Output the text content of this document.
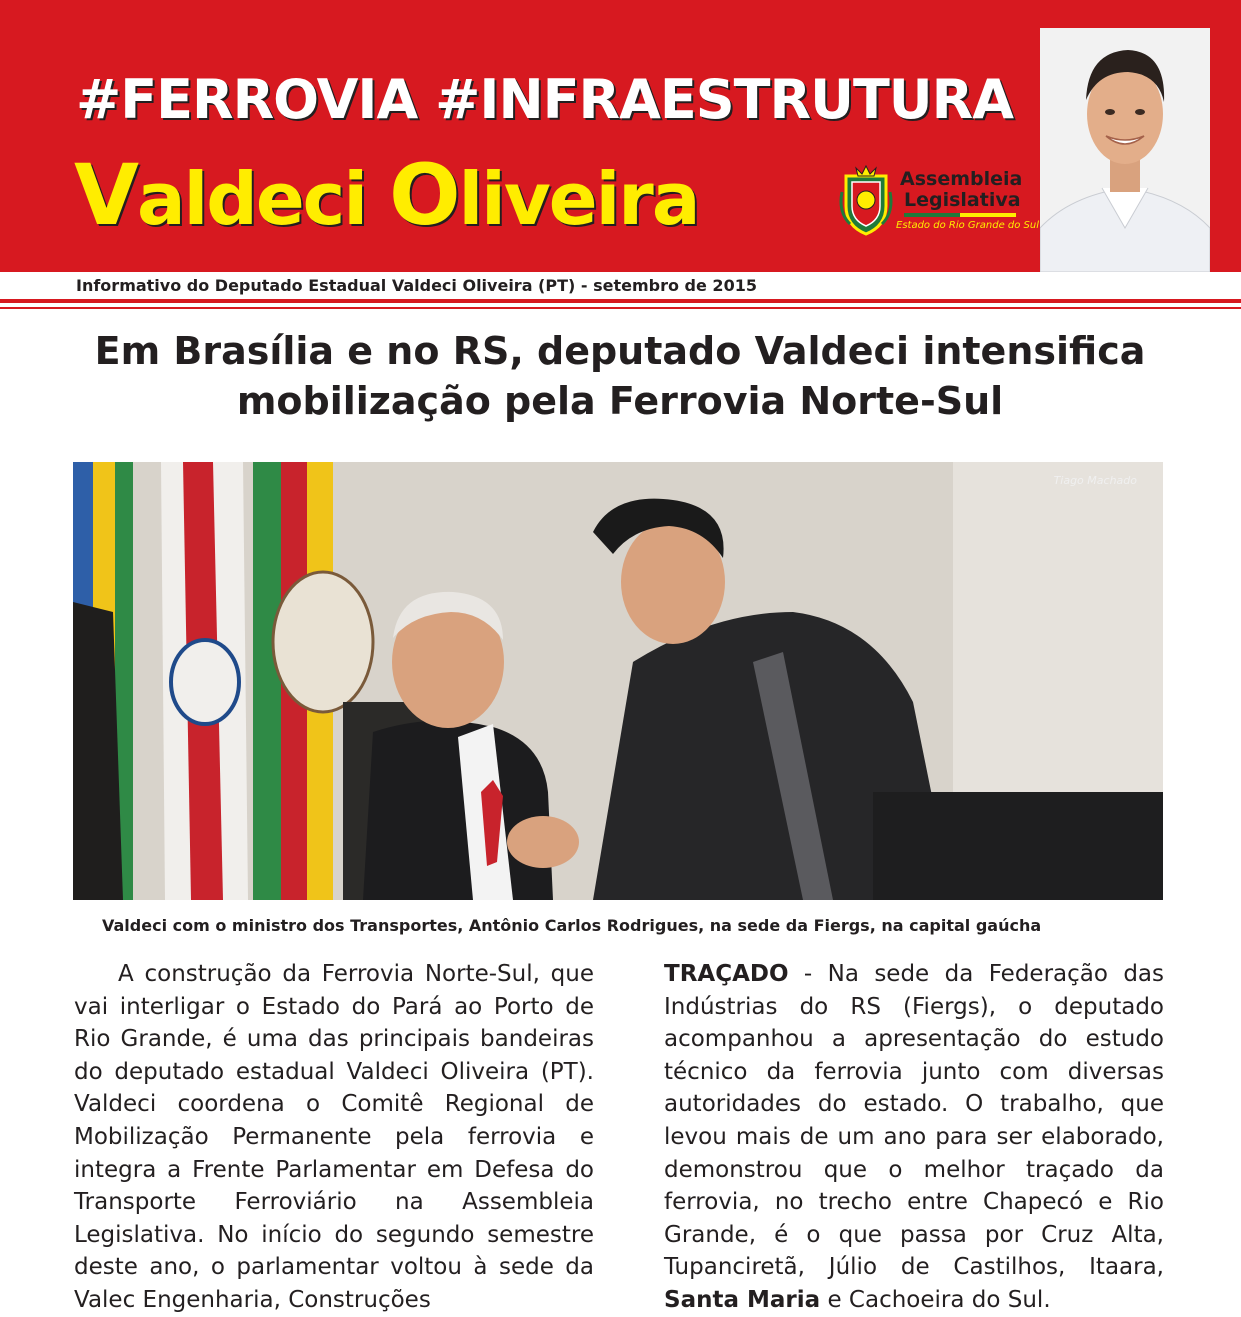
#FERROVIA #INFRAESTRUTURA
Valdeci Oliveira	Assembleia
Legislativa
Estado do Rio Grande do Sul
Informativo do Deputado Estadual Valdeci Oliveira (PT) - setembro de 2015
Em Brasília e no RS, deputado Valdeci intensifica
mobilização pela Ferrovia Norte-Sul
Tiago Machado
Valdeci com o ministro dos Transportes, Antônio Carlos Rodrigues, na sede da Fiergs, na capital gaúcha

A construção da Ferrovia Norte-Sul, que vai interligar o Estado do Pará ao Porto de Rio Grande, é uma das principais bandeiras do deputado estadual Valdeci Oliveira (PT). Valdeci coordena o Comitê Regional de Mobilização Permanente pela ferrovia e integra a Frente Parlamentar em Defesa do Transporte Ferroviário na Assembleia Legislativa. No início do segundo semestre deste ano, o parlamentar voltou à sede da Valec Engenharia, Construções

TRAÇADO - Na sede da Federação das Indústrias do RS (Fiergs), o deputado acompanhou a apresentação do estudo técnico da ferrovia junto com diversas autoridades do estado. O trabalho, que levou mais de um ano para ser elaborado, demonstrou que o melhor traçado da ferrovia, no trecho entre Chapecó e Rio Grande, é o que passa por Cruz Alta, Tupanciretã, Júlio de Castilhos, Itaara, Santa Maria e Cachoeira do Sul.
